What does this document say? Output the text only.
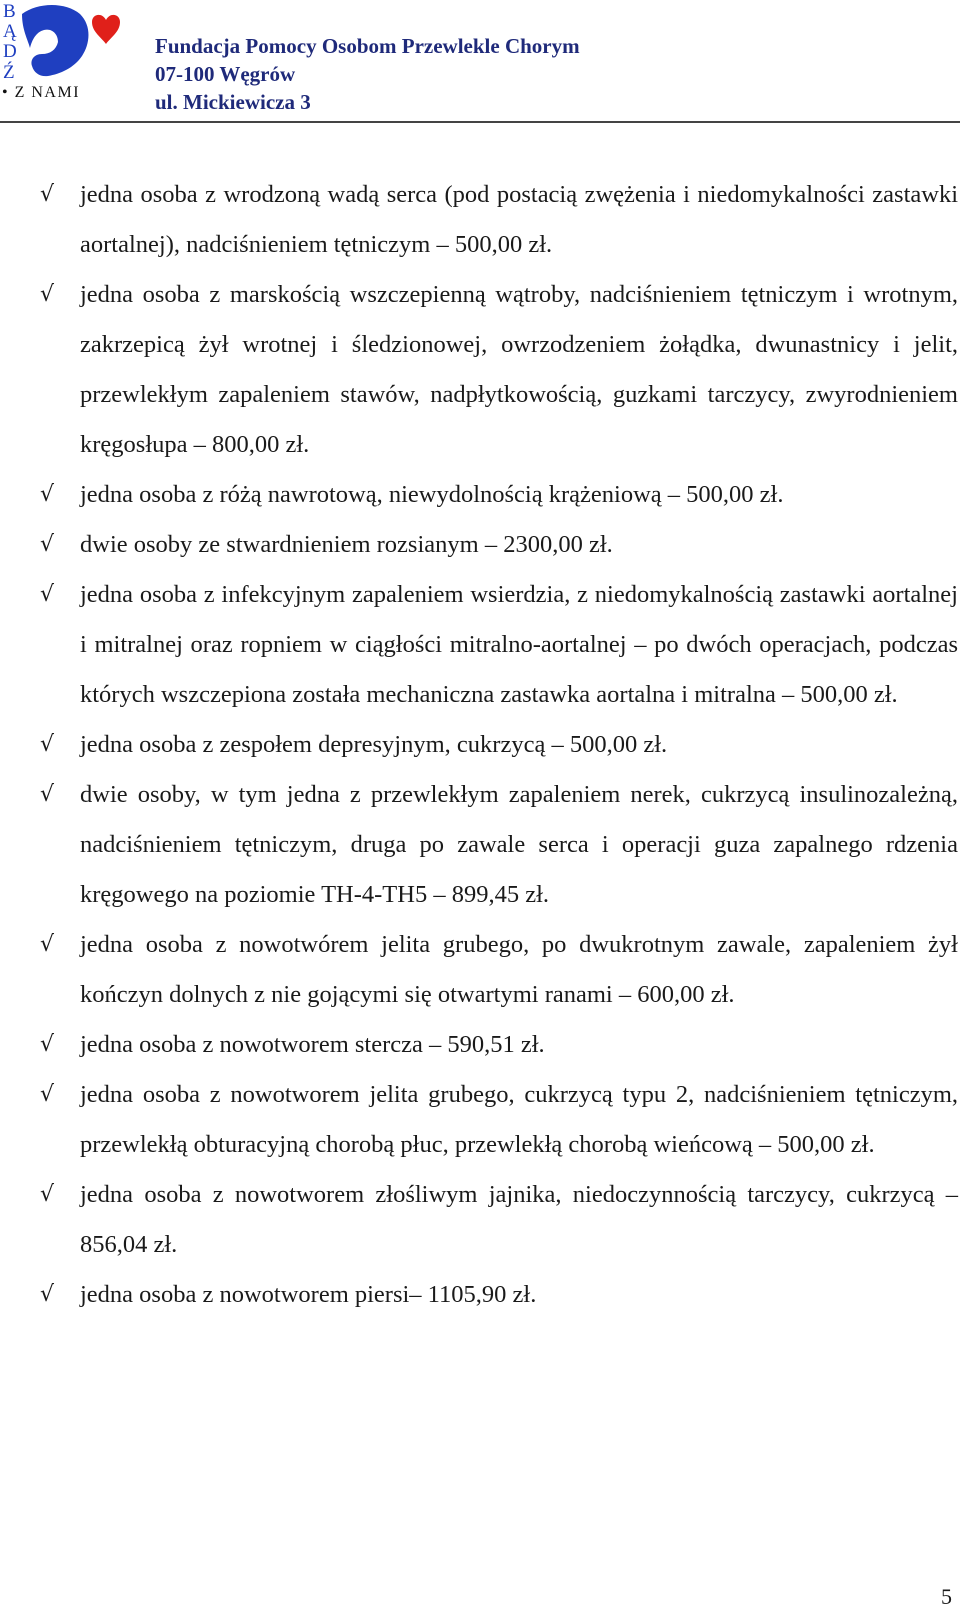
B
Ą
D
Ź
• Z NAMI
Fundacja Pomocy Osobom Przewlekle Chorym
07-100 Węgrów
ul. Mickiewicza 3
√ jedna osoba z wrodzoną wadą serca (pod postacią zwężenia i niedomykalności zastawki aortalnej), nadciśnieniem tętniczym – 500,00 zł.
√ jedna osoba z marskością wszczepienną wątroby, nadciśnieniem tętniczym i wrotnym, zakrzepicą żył wrotnej i śledzionowej, owrzodzeniem żołądka, dwunastnicy i jelit, przewlekłym zapaleniem stawów, nadpłytkowością, guzkami tarczycy, zwyrodnieniem kręgosłupa – 800,00 zł.
√ jedna osoba z różą nawrotową, niewydolnością krążeniową – 500,00 zł.
√ dwie osoby ze stwardnieniem rozsianym – 2300,00 zł.
√ jedna osoba z infekcyjnym zapaleniem wsierdzia, z niedomykalnością zastawki aortalnej i mitralnej oraz ropniem w ciągłości mitralno-aortalnej – po dwóch operacjach, podczas których wszczepiona została mechaniczna zastawka aortalna i mitralna – 500,00 zł.
√ jedna osoba z zespołem depresyjnym, cukrzycą – 500,00 zł.
√ dwie osoby, w tym jedna z przewlekłym zapaleniem nerek, cukrzycą insulinozależną, nadciśnieniem tętniczym, druga po zawale serca i operacji guza zapalnego rdzenia kręgowego na poziomie TH-4-TH5 – 899,45 zł.
√ jedna osoba z nowotwórem jelita grubego, po dwukrotnym zawale, zapaleniem żył kończyn dolnych z nie gojącymi się otwartymi ranami – 600,00 zł.
√ jedna osoba z nowotworem stercza – 590,51 zł.
√ jedna osoba z nowotworem jelita grubego, cukrzycą typu 2, nadciśnieniem tętniczym, przewlekłą obturacyjną chorobą płuc, przewlekłą chorobą wieńcową – 500,00 zł.
√ jedna osoba z nowotworem złośliwym jajnika, niedoczynnością tarczycy, cukrzycą – 856,04 zł.
√ jedna osoba z nowotworem piersi– 1105,90 zł.
5
